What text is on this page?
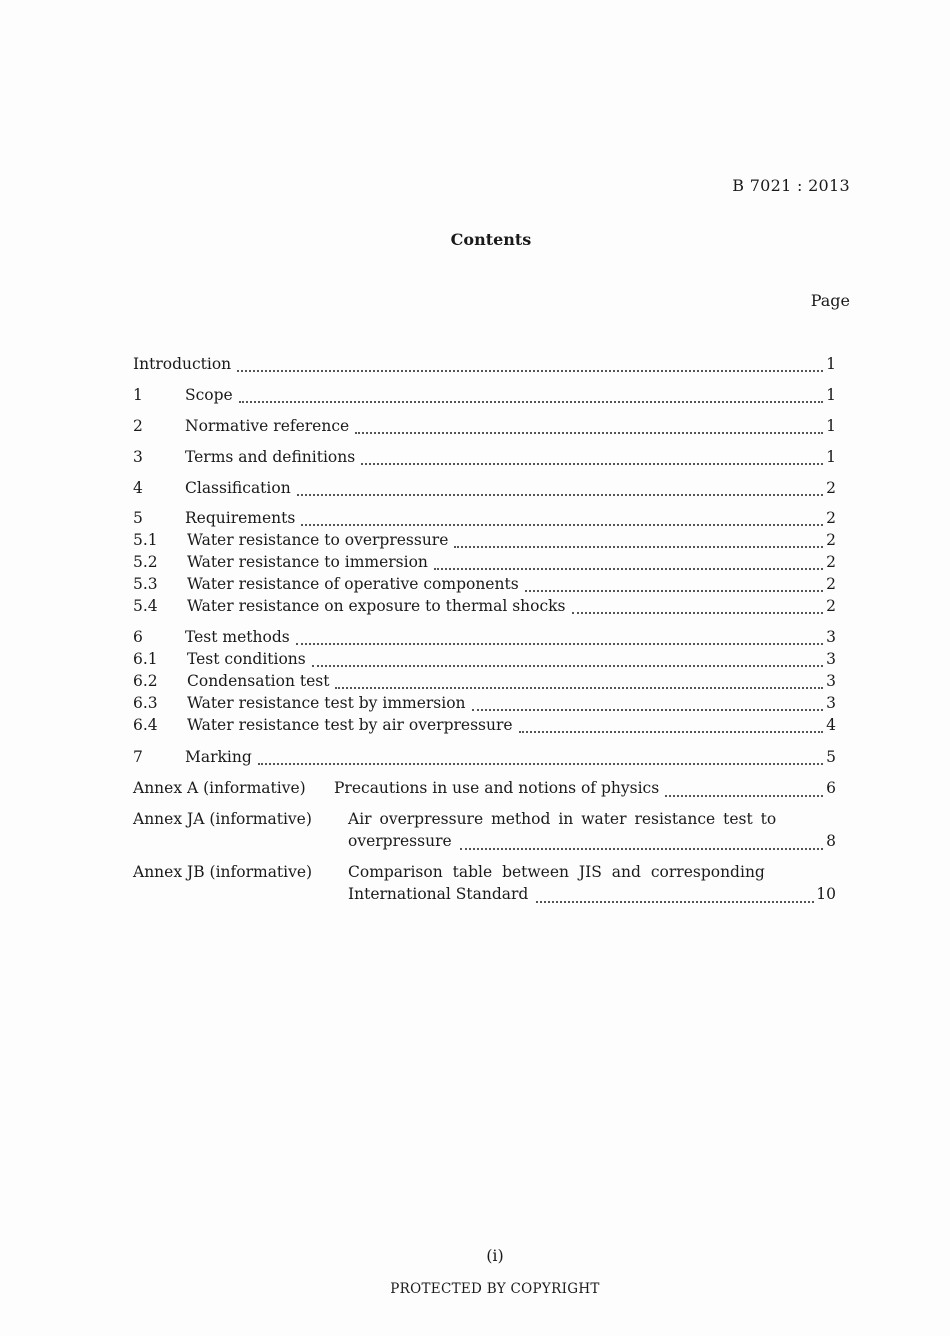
B 7021 : 2013
Contents
Page
Introduction	1
1	Scope	1
2	Normative reference	1
3	Terms and definitions	1
4	Classification	2
5	Requirements	2
5.1	Water resistance to overpressure	2
5.2	Water resistance to immersion	2
5.3	Water resistance of operative components	2
5.4	Water resistance on exposure to thermal shocks	2
6	Test methods	3
6.1	Test conditions	3
6.2	Condensation test	3
6.3	Water resistance test by immersion	3
6.4	Water resistance test by air overpressure	4
7	Marking	5
Annex A (informative) Precautions in use and notions of physics	6
Annex JA (informative) Air overpressure method in water resistance test to
overpressure	8
Annex JB (informative) Comparison table between JIS and corresponding
International Standard	10
(i)
PROTECTED BY COPYRIGHT
